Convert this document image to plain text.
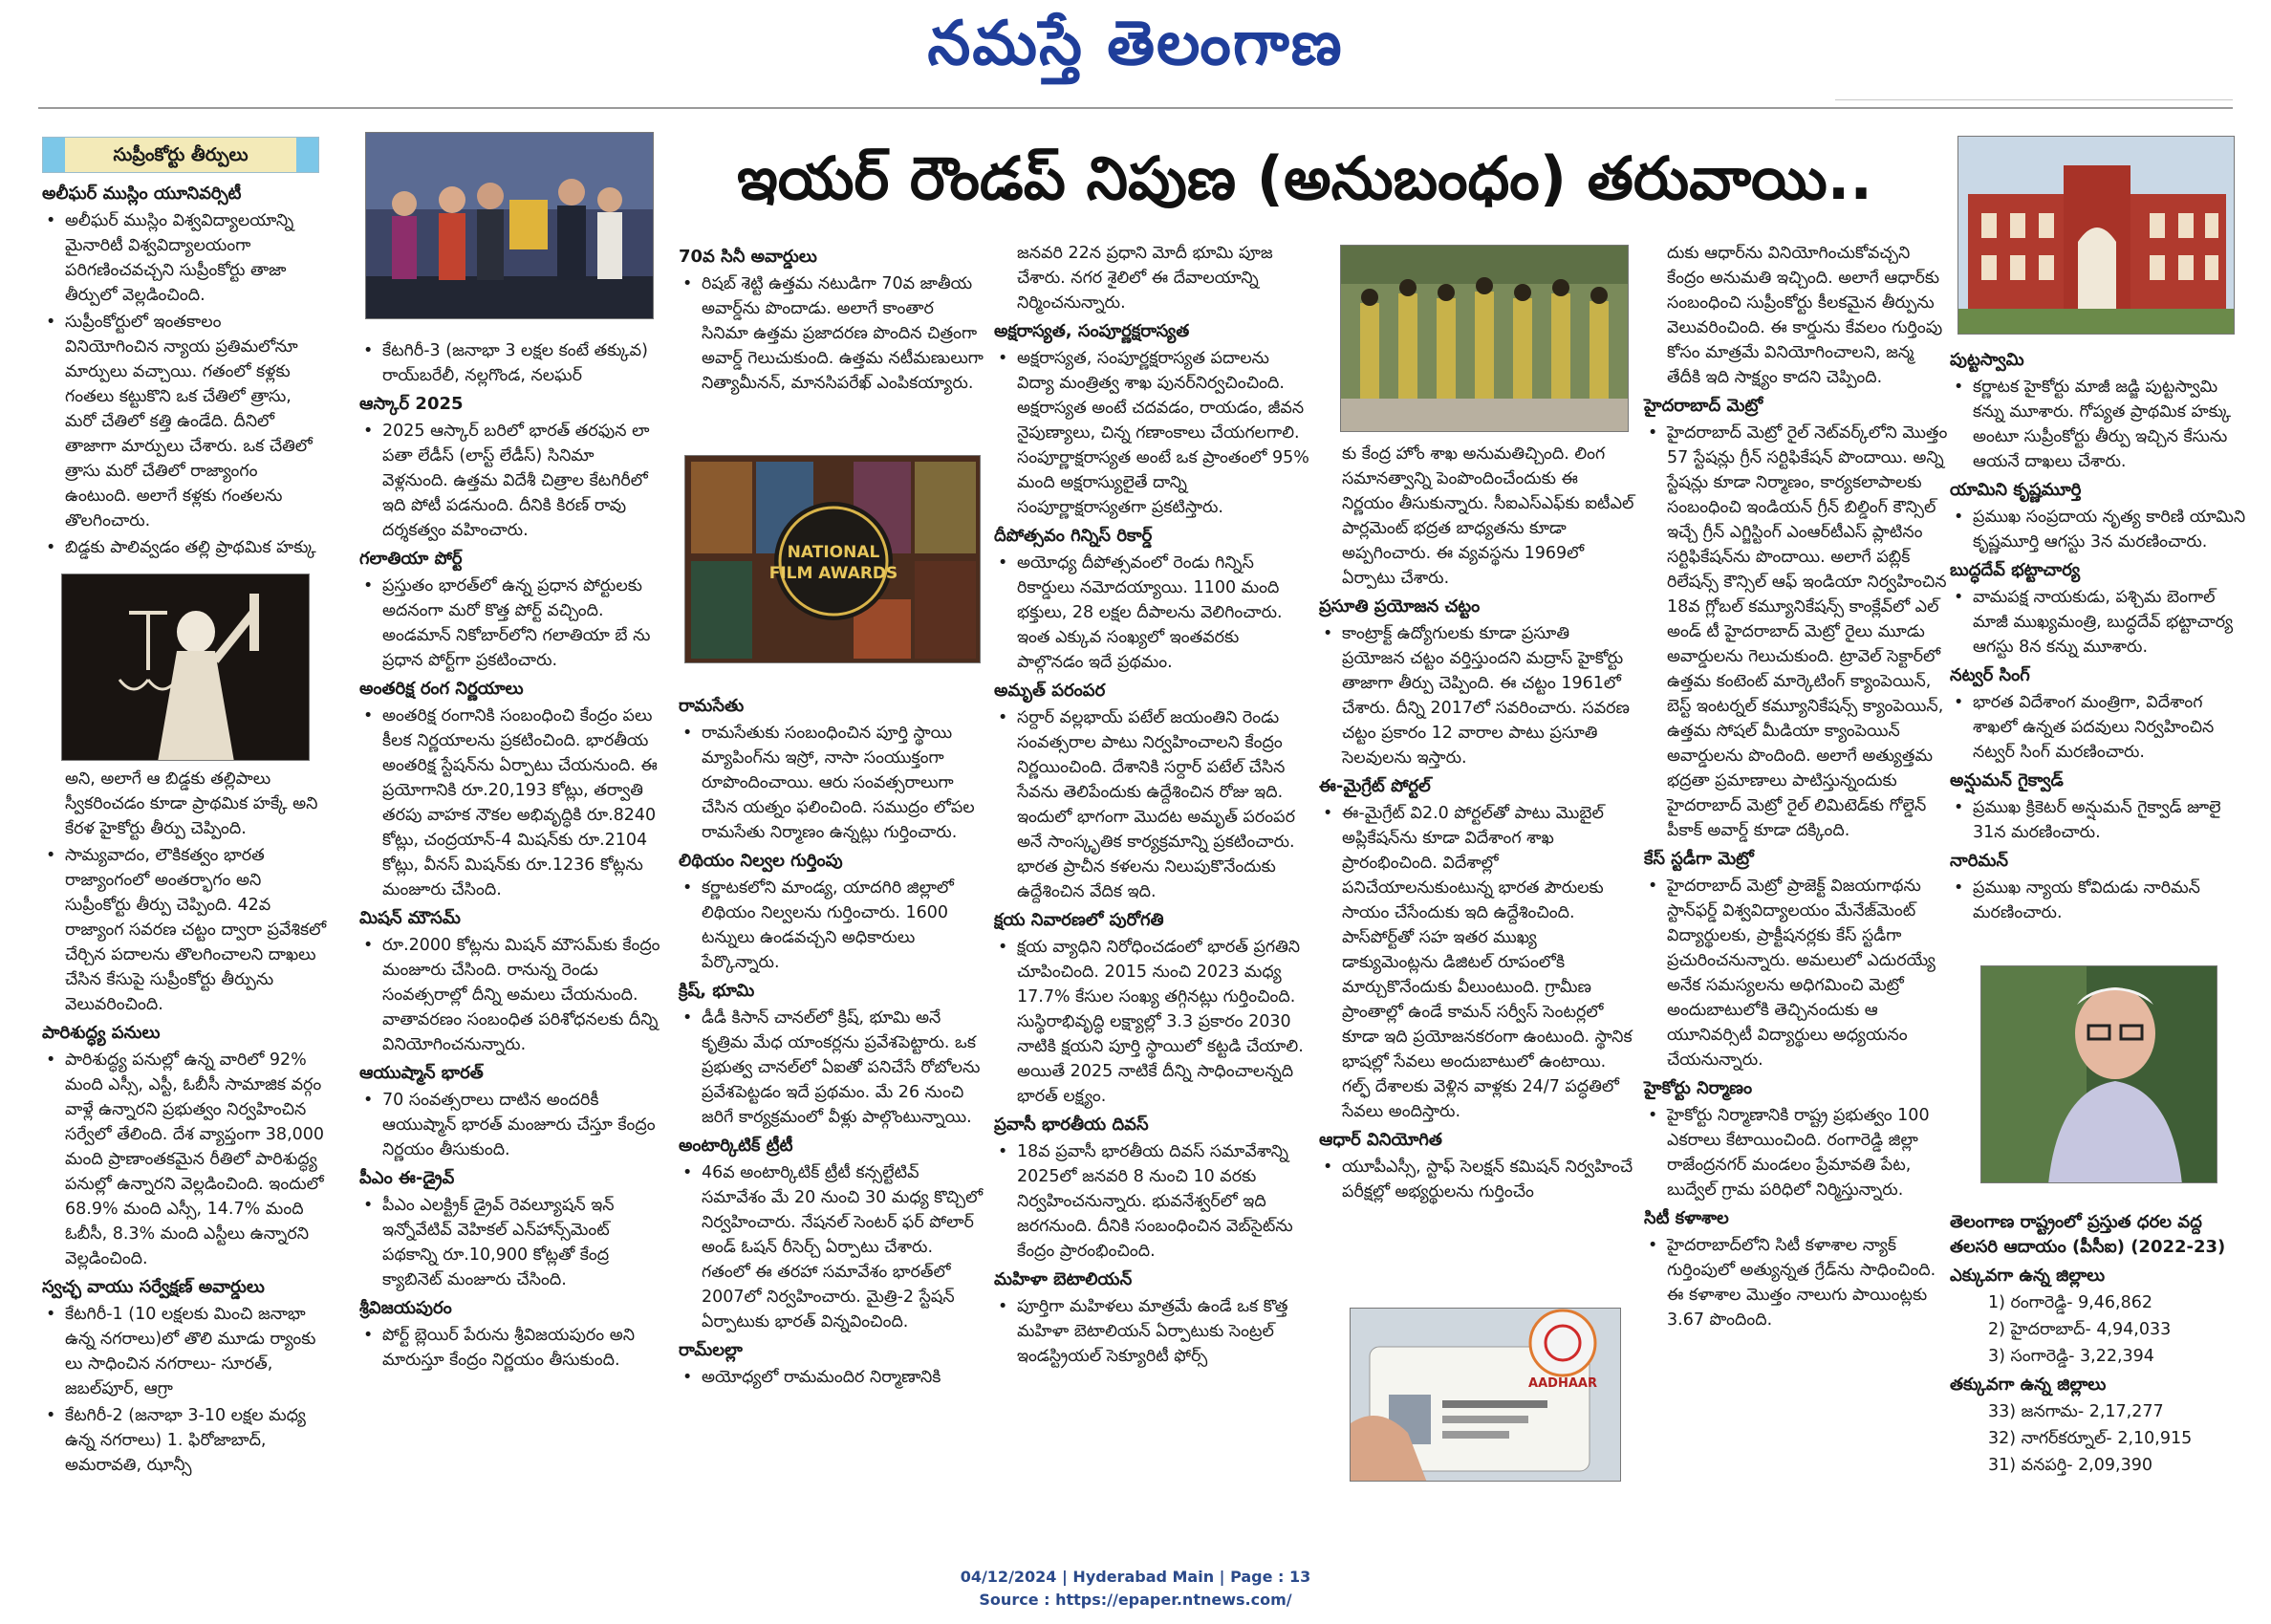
నమస్తే తెలంగాణ
ఇయర్ రౌండప్ నిపుణ (అనుబంధం) తరువాయి..
సుప్రీంకోర్టు తీర్పులు
NATIONAL
FILM AWARDS
AADHAAR

అలీఘర్ ముస్లిం యూనివర్సిటీ

• అలీఘర్ ముస్లిం విశ్వవిద్యాలయాన్ని మైనారిటీ విశ్వవిద్యాలయంగా పరిగణించవచ్చని సుప్రీంకోర్టు తాజా తీర్పులో వెల్లడించింది.

• సుప్రీంకోర్టులో ఇంతకాలం వినియోగించిన న్యాయ ప్రతిమలోనూ మార్పులు వచ్చాయి. గతంలో కళ్లకు గంతలు కట్టుకొని ఒక చేతిలో త్రాసు, మరో చేతిలో కత్తి ఉండేది. దీనిలో తాజాగా మార్పులు చేశారు. ఒక చేతిలో త్రాసు మరో చేతిలో రాజ్యాంగం ఉంటుంది. అలాగే కళ్లకు గంతలను తొలగించారు.

• బిడ్డకు పాలివ్వడం తల్లి ప్రాథమిక హక్కు

అని, అలాగే ఆ బిడ్డకు తల్లిపాలు స్వీకరించడం కూడా ప్రాథమిక హక్కే అని కేరళ హైకోర్టు తీర్పు చెప్పింది.

• సామ్యవాదం, లౌకికత్వం భారత రాజ్యాంగంలో అంతర్భాగం అని సుప్రీంకోర్టు తీర్పు చెప్పింది. 42వ రాజ్యాంగ సవరణ చట్టం ద్వారా ప్రవేశికలో చేర్చిన పదాలను తొలగించాలని దాఖలు చేసిన కేసుపై సుప్రీంకోర్టు తీర్పును వెలువరించింది.

పారిశుద్ధ్య పనులు

• పారిశుద్ధ్య పనుల్లో ఉన్న వారిలో 92% మంది ఎస్సీ, ఎస్టీ, ఓబీసీ సామాజిక వర్గం వాళ్లే ఉన్నారని ప్రభుత్వం నిర్వహించిన సర్వేలో తేలింది. దేశ వ్యాప్తంగా 38,000 మంది ప్రాణాంతకమైన రీతిలో పారిశుద్ధ్య పనుల్లో ఉన్నారని వెల్లడించింది. ఇందులో 68.9% మంది ఎస్సీ, 14.7% మంది ఓబీసీ, 8.3% మంది ఎస్టీలు ఉన్నారని వెల్లడించింది.

స్వచ్ఛ వాయు సర్వేక్షణ్ అవార్డులు

• కేటగిరీ-1 (10 లక్షలకు మించి జనాభా ఉన్న నగరాలు)లో తొలి మూడు ర్యాంకు లు సాధించిన నగరాలు- సూరత్, జబల్‌పూర్, ఆగ్రా

• కేటగిరీ-2 (జనాభా 3-10 లక్షల మధ్య ఉన్న నగరాలు) 1. ఫిరోజాబాద్, అమరావతి, ఝాన్సీ

• కేటగిరీ-3 (జనాభా 3 లక్షల కంటే తక్కువ) రాయ్‌బరేలీ, నల్లగొండ, నలఘర్

ఆస్కార్ 2025

• 2025 ఆస్కార్ బరిలో భారత్ తరఫున లా పతా లేడీస్ (లాస్ట్ లేడీస్) సినిమా వెళ్లనుంది. ఉత్తమ విదేశీ చిత్రాల కేటగిరీలో ఇది పోటీ పడనుంది. దీనికి కిరణ్ రావు దర్శకత్వం వహించారు.

గలాతియా పోర్ట్

• ప్రస్తుతం భారత్‌లో ఉన్న ప్రధాన పోర్టులకు అదనంగా మరో కొత్త పోర్ట్ వచ్చింది. అండమాన్ నికోబార్‌లోని గలాతియా బే ను ప్రధాన పోర్ట్‌గా ప్రకటించారు.

అంతరిక్ష రంగ నిర్ణయాలు

• అంతరిక్ష రంగానికి సంబంధించి కేంద్రం పలు కీలక నిర్ణయాలను ప్రకటించింది. భారతీయ అంతరిక్ష స్టేషన్‌ను ఏర్పాటు చేయనుంది. ఈ ప్రయోగానికి రూ.20,193 కోట్లు, తర్వాతి తరపు వాహక నౌకల అభివృద్ధికి రూ.8240 కోట్లు, చంద్రయాన్-4 మిషన్‌కు రూ.2104 కోట్లు, వీనస్ మిషన్‌కు రూ.1236 కోట్లను మంజూరు చేసింది.

మిషన్ మౌసమ్

• రూ.2000 కోట్లను మిషన్ మౌసమ్‌కు కేంద్రం మంజూరు చేసింది. రానున్న రెండు సంవత్సరాల్లో దీన్ని అమలు చేయనుంది. వాతావరణం సంబంధిత పరిశోధనలకు దీన్ని వినియోగించనున్నారు.

ఆయుష్మాన్ భారత్

• 70 సంవత్సరాలు దాటిన అందరికీ ఆయుష్మాన్ భారత్ మంజూరు చేస్తూ కేంద్రం నిర్ణయం తీసుకుంది.

పీఎం ఈ-డ్రైవ్

• పీఎం ఎలక్ట్రిక్ డ్రైవ్ రెవల్యూషన్ ఇన్ ఇన్నోవేటివ్ వెహికల్ ఎన్‌హాన్స్‌మెంట్ పథకాన్ని రూ.10,900 కోట్లతో కేంద్ర క్యాబినెట్ మంజూరు చేసింది.

శ్రీవిజయపురం

• పోర్ట్ బ్లెయిర్ పేరును శ్రీవిజయపురం అని మారుస్తూ కేంద్రం నిర్ణయం తీసుకుంది.

70వ సినీ అవార్డులు

• రిషబ్ శెట్టి ఉత్తమ నటుడిగా 70వ జాతీయ అవార్డ్‌ను పొందాడు. అలాగే కాంతార సినిమా ఉత్తమ ప్రజాదరణ పొందిన చిత్రంగా అవార్డ్ గెలుచుకుంది. ఉత్తమ నటీమణులుగా నిత్యామీనన్, మానసిపరేఖ్ ఎంపికయ్యారు.

రామసేతు

• రామసేతుకు సంబంధించిన పూర్తి స్థాయి మ్యాపింగ్‌ను ఇస్రో, నాసా సంయుక్తంగా రూపొందించాయి. ఆరు సంవత్సరాలుగా చేసిన యత్నం ఫలించింది. సముద్రం లోపల రామసేతు నిర్మాణం ఉన్నట్లు గుర్తించారు.

లిథియం నిల్వల గుర్తింపు

• కర్ణాటకలోని మాండ్య, యాదగిరి జిల్లాలో లిథియం నిల్వలను గుర్తించారు. 1600 టన్నులు ఉండవచ్చని అధికారులు పేర్కొన్నారు.

క్రిష్, భూమి

• డీడీ కిసాన్ చానల్‌లో క్రిష్, భూమి అనే కృత్రిమ మేధ యాంకర్లను ప్రవేశపెట్టారు. ఒక ప్రభుత్వ చానల్‌లో ఏఐతో పనిచేసే రోబోలను ప్రవేశపెట్టడం ఇదే ప్రథమం. మే 26 నుంచి జరిగే కార్యక్రమంలో వీళ్లు పాల్గొంటున్నాయి.

అంటార్కిటిక్ ట్రీటీ

• 46వ అంటార్కిటిక్ ట్రీటీ కన్సల్టేటివ్ సమావేశం మే 20 నుంచి 30 మధ్య కొచ్చిలో నిర్వహించారు. నేషనల్ సెంటర్ ఫర్ పోలార్ అండ్ ఓషన్ రీసెర్చ్ ఏర్పాటు చేశారు. గతంలో ఈ తరహా సమావేశం భారత్‌లో 2007లో నిర్వహించారు. మైత్రి-2 స్టేషన్ ఏర్పాటుకు భారత్ విన్నవించింది.

రామ్‌లల్లా

• అయోధ్యలో రామమందిర నిర్మాణానికి

జనవరి 22న ప్రధాని మోదీ భూమి పూజ చేశారు. నగర శైలిలో ఈ దేవాలయాన్ని నిర్మించనున్నారు.

అక్షరాస్యత, సంపూర్ణక్షరాస్యత

• అక్షరాస్యత, సంపూర్ణక్షరాస్యత పదాలను విద్యా మంత్రిత్వ శాఖ పునర్‌నిర్వచించింది. అక్షరాస్యత అంటే చదవడం, రాయడం, జీవన నైపుణ్యాలు, చిన్న గణాంకాలు చేయగలగాలి. సంపూర్ణాక్షరాస్యత అంటే ఒక ప్రాంతంలో 95% మంది అక్షరాస్యులైతే దాన్ని సంపూర్ణాక్షరాస్యతగా ప్రకటిస్తారు.

దీపోత్సవం గిన్నిస్ రికార్డ్

• అయోధ్య దీపోత్సవంలో రెండు గిన్నిస్ రికార్డులు నమోదయ్యాయి. 1100 మంది భక్తులు, 28 లక్షల దీపాలను వెలిగించారు. ఇంత ఎక్కువ సంఖ్యలో ఇంతవరకు పాల్గొనడం ఇదే ప్రథమం.

అమృత్ పరంపర

• సర్దార్ వల్లభాయ్ పటేల్ జయంతిని రెండు సంవత్సరాల పాటు నిర్వహించాలని కేంద్రం నిర్ణయించింది. దేశానికి సర్దార్ పటేల్ చేసిన సేవను తెలిపేందుకు ఉద్దేశించిన రోజు ఇది. ఇందులో భాగంగా మొదట అమృత్ పరంపర అనే సాంస్కృతిక కార్యక్రమాన్ని ప్రకటించారు. భారత ప్రాచీన కళలను నిలుపుకొనేందుకు ఉద్దేశించిన వేదిక ఇది.

క్షయ నివారణలో పురోగతి

• క్షయ వ్యాధిని నిరోధించడంలో భారత్ ప్రగతిని చూపించింది. 2015 నుంచి 2023 మధ్య 17.7% కేసుల సంఖ్య తగ్గినట్లు గుర్తించింది. సుస్థిరాభివృద్ధి లక్ష్యాల్లో 3.3 ప్రకారం 2030 నాటికి క్షయని పూర్తి స్థాయిలో కట్టడి చేయాలి. అయితే 2025 నాటికే దీన్ని సాధించాలన్నది భారత్ లక్ష్యం.

ప్రవాసీ భారతీయ దివస్

• 18వ ప్రవాసీ భారతీయ దివస్ సమావేశాన్ని 2025లో జనవరి 8 నుంచి 10 వరకు నిర్వహించనున్నారు. భువనేశ్వర్‌లో ఇది జరగనుంది. దీనికి సంబంధించిన వెబ్‌సైట్‌ను కేంద్రం ప్రారంభించింది.

మహిళా బెటాలియన్

• పూర్తిగా మహిళలు మాత్రమే ఉండే ఒక కొత్త మహిళా బెటాలియన్ ఏర్పాటుకు సెంట్రల్ ఇండస్ట్రియల్ సెక్యూరిటీ ఫోర్స్

కు కేంద్ర హోం శాఖ అనుమతిచ్చింది. లింగ సమానత్వాన్ని పెంపొందించేందుకు ఈ నిర్ణయం తీసుకున్నారు. సీఐఎస్‌ఎఫ్‌కు ఐటీఎల్ పార్లమెంట్ భద్రత బాధ్యతను కూడా అప్పగించారు. ఈ వ్యవస్థను 1969లో ఏర్పాటు చేశారు.

ప్రసూతి ప్రయోజన చట్టం

• కాంట్రాక్ట్ ఉద్యోగులకు కూడా ప్రసూతి ప్రయోజన చట్టం వర్తిస్తుందని మద్రాస్ హైకోర్టు తాజాగా తీర్పు చెప్పింది. ఈ చట్టం 1961లో చేశారు. దీన్ని 2017లో సవరించారు. సవరణ చట్టం ప్రకారం 12 వారాల పాటు ప్రసూతి సెలవులను ఇస్తారు.

ఈ-మైగ్రేట్ పోర్టల్

• ఈ-మైగ్రేట్ వి2.0 పోర్టల్‌తో పాటు మొబైల్ అప్లికేషన్‌ను కూడా విదేశాంగ శాఖ ప్రారంభించింది. విదేశాల్లో పనిచేయాలనుకుంటున్న భారత పౌరులకు సాయం చేసేందుకు ఇది ఉద్దేశించింది. పాస్‌పోర్ట్‌తో సహ ఇతర ముఖ్య డాక్యుమెంట్లను డిజిటల్ రూపంలోకి మార్చుకొనేందుకు వీలుంటుంది. గ్రామీణ ప్రాంతాల్లో ఉండే కామన్ సర్వీస్ సెంటర్లలో కూడా ఇది ప్రయోజనకరంగా ఉంటుంది. స్థానిక భాషల్లో సేవలు అందుబాటులో ఉంటాయి. గల్ఫ్ దేశాలకు వెళ్లిన వాళ్లకు 24/7 పద్ధతిలో సేవలు అందిస్తారు.

ఆధార్ వినియోగిత

• యూపీఎస్సీ, స్టాఫ్ సెలక్షన్ కమిషన్ నిర్వహించే పరీక్షల్లో అభ్యర్థులను గుర్తించేం

దుకు ఆధార్‌ను వినియోగించుకోవచ్చని కేంద్రం అనుమతి ఇచ్చింది. అలాగే ఆధార్‌కు సంబంధించి సుప్రీంకోర్టు కీలకమైన తీర్పును వెలువరించింది. ఈ కార్డును కేవలం గుర్తింపు కోసం మాత్రమే వినియోగించాలని, జన్మ తేదీకి ఇది సాక్ష్యం కాదని చెప్పింది.

హైదరాబాద్ మెట్రో

• హైదరాబాద్ మెట్రో రైల్ నెట్‌వర్క్‌లోని మొత్తం 57 స్టేషన్లు గ్రీన్ సర్టిఫికేషన్ పొందాయి. అన్ని స్టేషన్లు కూడా నిర్మాణం, కార్యకలాపాలకు సంబంధించి ఇండియన్ గ్రీన్ బిల్డింగ్ కౌన్సిల్ ఇచ్చే గ్రీన్ ఎగ్జిస్టింగ్ ఎంఆర్‌టీఎస్ ప్లాటినం సర్టిఫికేషన్‌ను పొందాయి. అలాగే పబ్లిక్ రిలేషన్స్ కౌన్సిల్ ఆఫ్ ఇండియా నిర్వహించిన 18వ గ్లోబల్ కమ్యూనికేషన్స్ కాంక్లేవ్‌లో ఎల్ అండ్ టీ హైదరాబాద్ మెట్రో రైలు మూడు అవార్డులను గెలుచుకుంది. ట్రావెల్ సెక్టార్‌లో ఉత్తమ కంటెంట్ మార్కెటింగ్ క్యాంపెయిన్, బెస్ట్ ఇంటర్నల్ కమ్యూనికేషన్స్ క్యాంపెయిన్, ఉత్తమ సోషల్ మీడియా క్యాంపెయిన్ అవార్డులను పొందింది. అలాగే అత్యుత్తమ భద్రతా ప్రమాణాలు పాటిస్తున్నందుకు హైదరాబాద్ మెట్రో రైల్ లిమిటెడ్‌కు గోల్డెన్ పీకాక్ అవార్డ్ కూడా దక్కింది.

కేస్ స్టడీగా మెట్రో

• హైదరాబాద్ మెట్రో ప్రాజెక్ట్ విజయగాథను స్టాన్‌ఫర్డ్ విశ్వవిద్యాలయం మేనేజ్‌మెంట్ విద్యార్థులకు, ప్రాక్టీషనర్లకు కేస్ స్టడీగా ప్రచురించనున్నారు. అమలులో ఎదురయ్యే అనేక సమస్యలను అధిగమించి మెట్రో అందుబాటులోకి తెచ్చినందుకు ఆ యూనివర్సిటీ విద్యార్థులు అధ్యయనం చేయనున్నారు.

హైకోర్టు నిర్మాణం

• హైకోర్టు నిర్మాణానికి రాష్ట్ర ప్రభుత్వం 100 ఎకరాలు కేటాయించింది. రంగారెడ్డి జిల్లా రాజేంద్రనగర్ మండలం ప్రేమావతి పేట, బుద్వేల్ గ్రామ పరిధిలో నిర్మిస్తున్నారు.

సిటీ కళాశాల

• హైదరాబాద్‌లోని సిటీ కళాశాల న్యాక్ గుర్తింపులో అత్యున్నత గ్రేడ్‌ను సాధించింది. ఈ కళాశాల మొత్తం నాలుగు పాయింట్లకు 3.67 పొందింది.

పుట్టస్వామి

• కర్ణాటక హైకోర్టు మాజీ జడ్జి పుట్టస్వామి కన్ను మూశారు. గోప్యత ప్రాథమిక హక్కు అంటూ సుప్రీంకోర్టు తీర్పు ఇచ్చిన కేసును ఆయనే దాఖలు చేశారు.

యామిని కృష్ణమూర్తి

• ప్రముఖ సంప్రదాయ నృత్య కారిణి యామిని కృష్ణమూర్తి ఆగస్టు 3న మరణించారు.

బుద్ధదేవ్ భట్టాచార్య

• వామపక్ష నాయకుడు, పశ్చిమ బెంగాల్ మాజీ ముఖ్యమంత్రి, బుద్ధదేవ్ భట్టాచార్య ఆగస్టు 8న కన్ను మూశారు.

నట్వర్ సింగ్

• భారత విదేశాంగ మంత్రిగా, విదేశాంగ శాఖలో ఉన్నత పదవులు నిర్వహించిన నట్వర్ సింగ్ మరణించారు.

అన్షుమన్ గైక్వాడ్

• ప్రముఖ క్రికెటర్ అన్షుమన్ గైక్వాడ్ జూలై 31న మరణించారు.

నారిమన్

• ప్రముఖ న్యాయ కోవిదుడు నారిమన్ మరణించారు.

తెలంగాణ రాష్ట్రంలో ప్రస్తుత ధరల వద్ద తలసరి ఆదాయం (పీసీఐ) (2022-23)

ఎక్కువగా ఉన్న జిల్లాలు

1) రంగారెడ్డి- 9,46,862

2) హైదరాబాద్- 4,94,033

3) సంగారెడ్డి- 3,22,394

తక్కువగా ఉన్న జిల్లాలు

33) జనగామ- 2,17,277

32) నాగర్‌కర్నూల్- 2,10,915

31) వనపర్తి- 2,09,390

04/12/2024 | Hyderabad Main | Page : 13
Source : https://epaper.ntnews.com/
